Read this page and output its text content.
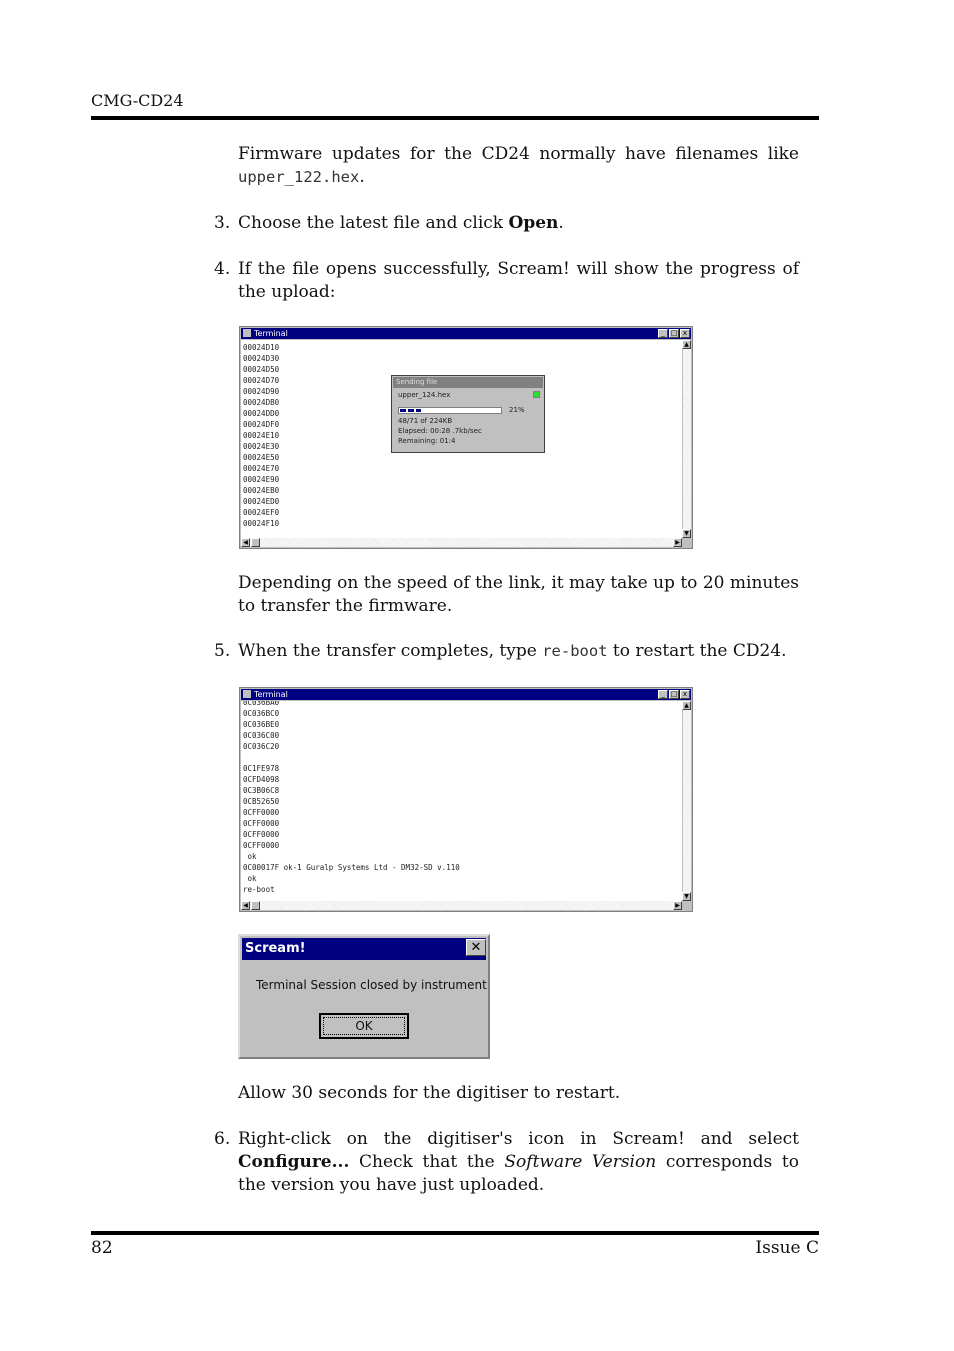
CMG-CD24
Firmware updates for the CD24 normally have filenames like upper_122.hex.
3. Choose the latest file and click Open.
4. If the file opens successfully, Scream! will show the progress of the upload:
Terminal	_ □ x
00024D10
00024D30
00024D50
00024D70
00024D90
00024DB0
00024DD0
00024DF0
00024E10
00024E30
00024E50
00024E70
00024E90
00024EB0
00024ED0
00024EF0
00024F10
Sending file
upper_124.hex
21%
48/71 of 224KB
Elapsed: 00:28 .7kb/sec
Remaining: 01:4
▲
▼
◀	▶
Depending on the speed of the link, it may take up to 20 minutes to transfer the firmware.
5. When the transfer completes, type re-boot to restart the CD24.
Terminal	_ □ x
0C036BA0
0C036BC0
0C036BE0
0C036C00
0C036C20

0C1FE978
0CFD4098
0C3B06C8
0CB52650
0CFF0000
0CFF0000
0CFF0000
0CFF0000
ok
0C00017F ok-1 Guralp Systems Ltd - DM32-SD v.110
ok
re-boot
▲
▼
◀	▶
Scream!	✕
Terminal Session closed by instrument
OK
Allow 30 seconds for the digitiser to restart.
6. Right-click on the digitiser's icon in Scream! and select Configure... Check that the Software Version corresponds to the version you have just uploaded.
82	Issue C
